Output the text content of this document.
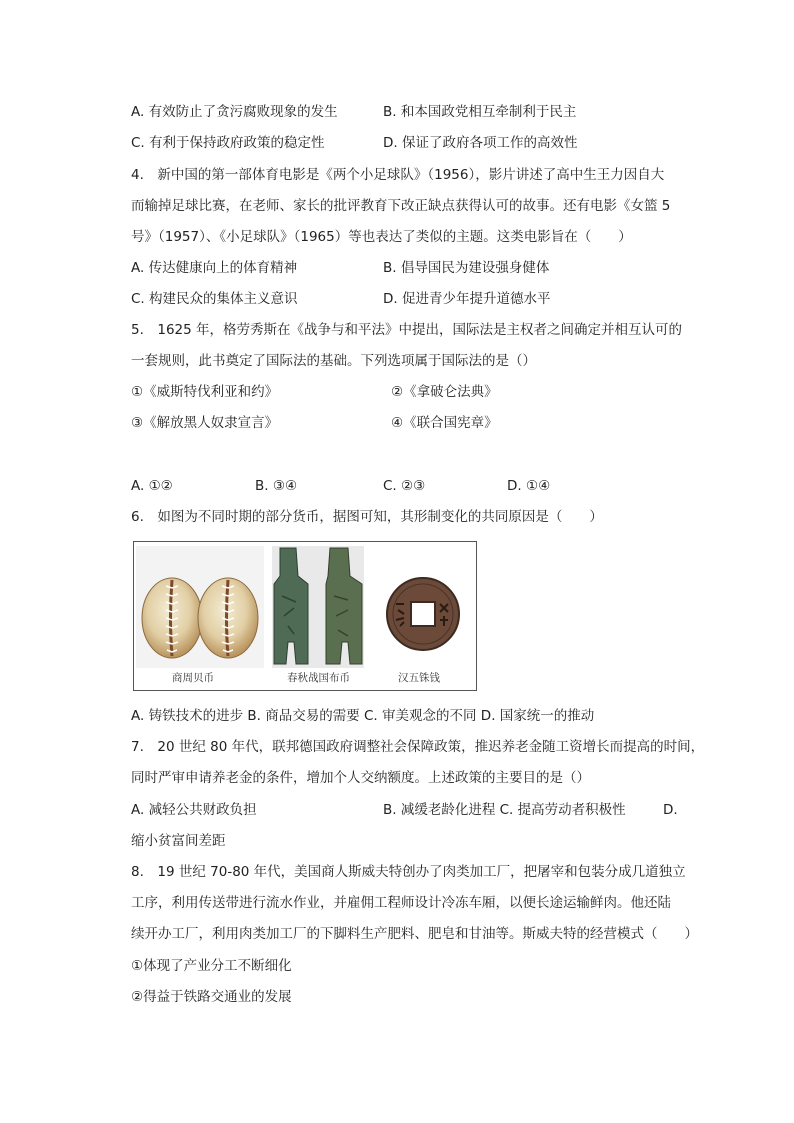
A. 有效防止了贪污腐败现象的发生	B. 和本国政党相互牵制利于民主
C. 有利于保持政府政策的稳定性	D. 保证了政府各项工作的高效性
4.　新中国的第一部体育电影是《两个小足球队》（1956），影片讲述了高中生王力因自大
而输掉足球比赛，在老师、家长的批评教育下改正缺点获得认可的故事。还有电影《女篮 5
号》（1957）、《小足球队》（1965）等也表达了类似的主题。这类电影旨在（　　）
A. 传达健康向上的体育精神	B. 倡导国民为建设强身健体
C. 构建民众的集体主义意识	D. 促进青少年提升道德水平
5.　1625 年，格劳秀斯在《战争与和平法》中提出，国际法是主权者之间确定并相互认可的
一套规则，此书奠定了国际法的基础。下列选项属于国际法的是（）
①《威斯特伐利亚和约》	②《拿破仑法典》
③《解放黑人奴隶宣言》	④《联合国宪章》
A. ①②	B. ③④	C. ②③	D. ①④
6.　如图为不同时期的部分货币，据图可知，其形制变化的共同原因是（　　）
商周贝币	春秋战国布币	汉五铢钱
A. 铸铁技术的进步 B. 商品交易的需要 C. 审美观念的不同 D. 国家统一的推动
7.　20 世纪 80 年代，联邦德国政府调整社会保障政策，推迟养老金随工资增长而提高的时间，
同时严审申请养老金的条件，增加个人交纳额度。上述政策的主要目的是（）
A. 减轻公共财政负担	B. 减缓老龄化进程 C. 提高劳动者积极性	D.
缩小贫富间差距
8.　19 世纪 70-80 年代，美国商人斯威夫特创办了肉类加工厂，把屠宰和包装分成几道独立
工序，利用传送带进行流水作业，并雇佣工程师设计冷冻车厢，以便长途运输鲜肉。他还陆
续开办工厂，利用肉类加工厂的下脚料生产肥料、肥皂和甘油等。斯威夫特的经营模式（　　）
①体现了产业分工不断细化
②得益于铁路交通业的发展
